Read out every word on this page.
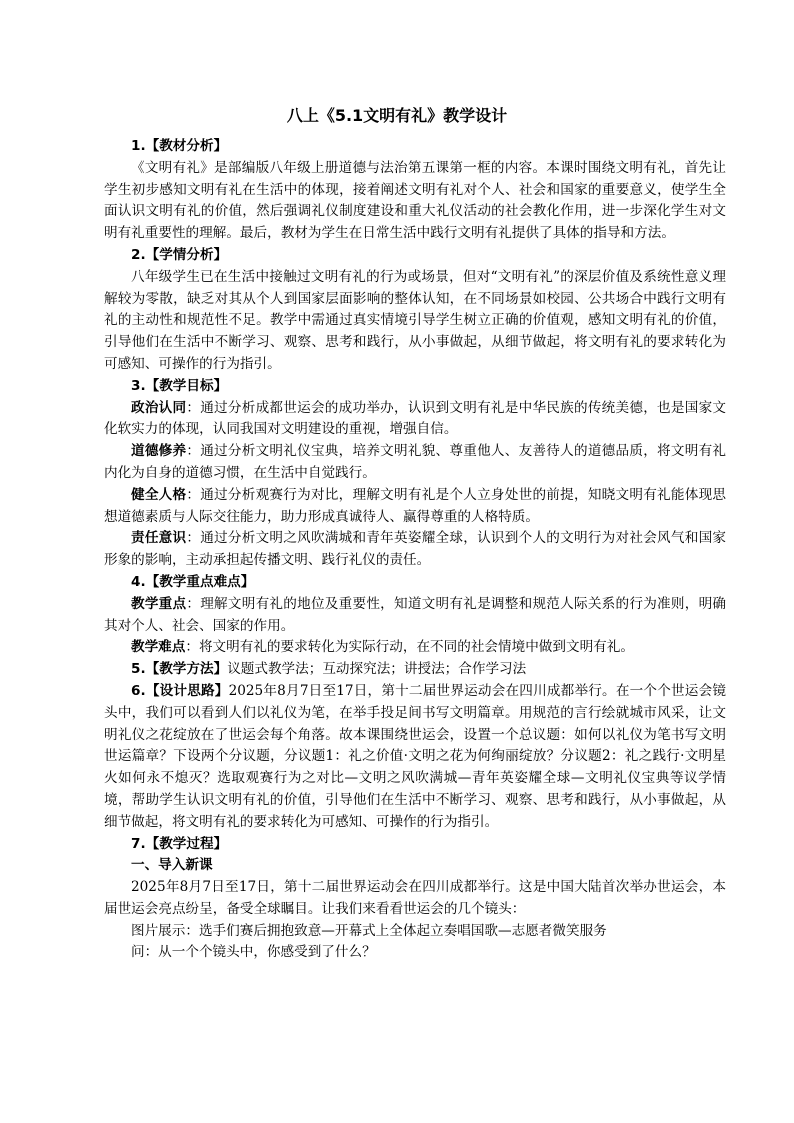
八上《5.1文明有礼》教学设计

1.【教材分析】

《文明有礼》是部编版八年级上册道德与法治第五课第一框的内容。本课时围绕文明有礼，首先让学生初步感知文明有礼在生活中的体现，接着阐述文明有礼对个人、社会和国家的重要意义，使学生全面认识文明有礼的价值，然后强调礼仪制度建设和重大礼仪活动的社会教化作用，进一步深化学生对文明有礼重要性的理解。最后，教材为学生在日常生活中践行文明有礼提供了具体的指导和方法。

2.【学情分析】

八年级学生已在生活中接触过文明有礼的行为或场景，但对“文明有礼”的深层价值及系统性意义理解较为零散，缺乏对其从个人到国家层面影响的整体认知，在不同场景如校园、公共场合中践行文明有礼的主动性和规范性不足。教学中需通过真实情境引导学生树立正确的价值观，感知文明有礼的价值，引导他们在生活中不断学习、观察、思考和践行，从小事做起，从细节做起，将文明有礼的要求转化为可感知、可操作的行为指引。

3.【教学目标】

政治认同：通过分析成都世运会的成功举办，认识到文明有礼是中华民族的传统美德，也是国家文化软实力的体现，认同我国对文明建设的重视，增强自信。

道德修养：通过分析文明礼仪宝典，培养文明礼貌、尊重他人、友善待人的道德品质，将文明有礼内化为自身的道德习惯，在生活中自觉践行。

健全人格：通过分析观赛行为对比，理解文明有礼是个人立身处世的前提，知晓文明有礼能体现思想道德素质与人际交往能力，助力形成真诚待人、赢得尊重的人格特质。

责任意识：通过分析文明之风吹满城和青年英姿耀全球，认识到个人的文明行为对社会风气和国家形象的影响，主动承担起传播文明、践行礼仪的责任。

4.【教学重点难点】

教学重点：理解文明有礼的地位及重要性，知道文明有礼是调整和规范人际关系的行为准则，明确其对个人、社会、国家的作用。

教学难点：将文明有礼的要求转化为实际行动，在不同的社会情境中做到文明有礼。

5.【教学方法】议题式教学法；互动探究法；讲授法；合作学习法

6.【设计思路】2025年8月7日至17日，第十二届世界运动会在四川成都举行。在一个个世运会镜头中，我们可以看到人们以礼仪为笔，在举手投足间书写文明篇章。用规范的言行绘就城市风采，让文明礼仪之花绽放在了世运会每个角落。故本课围绕世运会，设置一个总议题：如何以礼仪为笔书写文明世运篇章？下设两个分议题，分议题1：礼之价值·文明之花为何绚丽绽放？分议题2：礼之践行·文明星火如何永不熄灭？选取观赛行为之对比—文明之风吹满城—青年英姿耀全球—文明礼仪宝典等议学情境，帮助学生认识文明有礼的价值，引导他们在生活中不断学习、观察、思考和践行，从小事做起，从细节做起，将文明有礼的要求转化为可感知、可操作的行为指引。

7.【教学过程】

一、导入新课

2025年8月7日至17日，第十二届世界运动会在四川成都举行。这是中国大陆首次举办世运会，本届世运会亮点纷呈，备受全球瞩目。让我们来看看世运会的几个镜头：

图片展示：选手们赛后拥抱致意—开幕式上全体起立奏唱国歌—志愿者微笑服务

问：从一个个镜头中，你感受到了什么？
